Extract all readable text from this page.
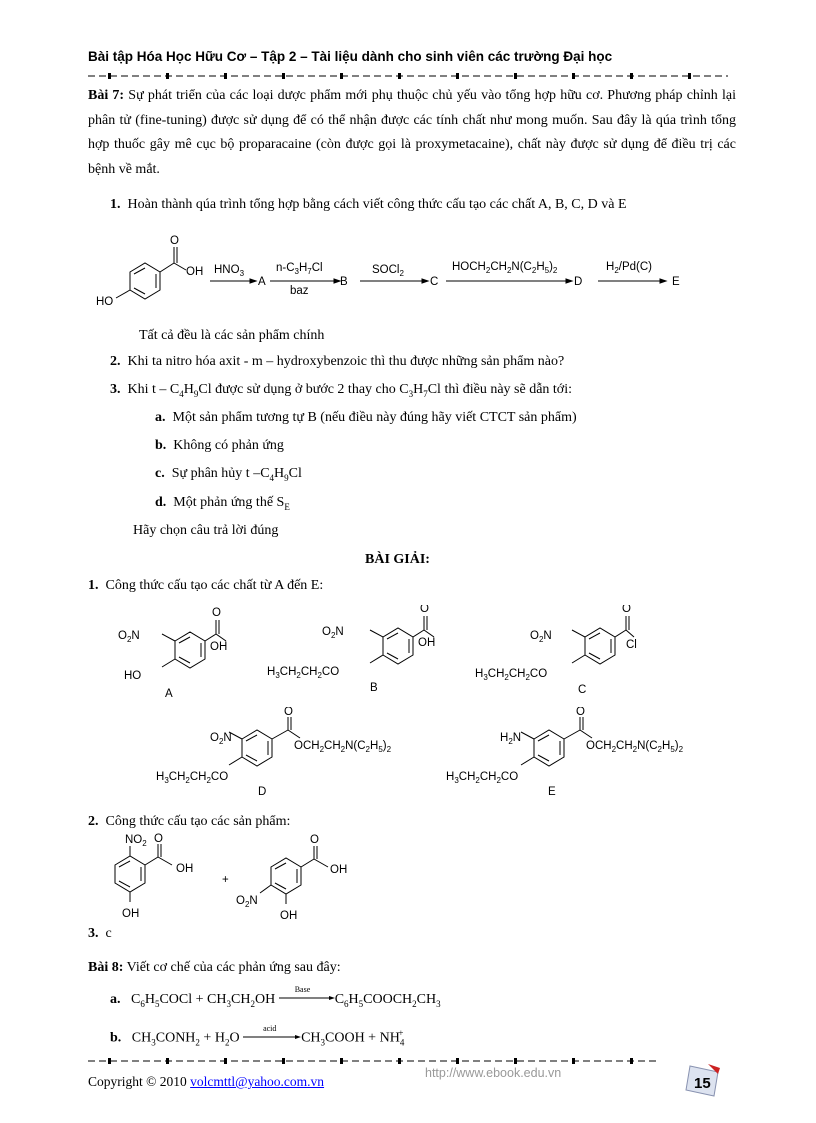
Bài tập Hóa Học Hữu Cơ – Tập 2 – Tài liệu dành cho sinh viên các trường Đại học
Bài 7: Sự phát triển của các loại dược phẩm mới phụ thuộc chủ yếu vào tổng hợp hữu cơ. Phương pháp chỉnh lại phân tử (fine-tuning) được sử dụng để có thể nhận được các tính chất như mong muốn. Sau đây là qúa trình tổng hợp thuốc gây mê cục bộ proparacaine (còn được gọi là proxymetacaine), chất này được sử dụng để điều trị các bệnh về mắt.
1. Hoàn thành qúa trình tổng hợp bằng cách viết công thức cấu tạo các chất A, B, C, D và E
O
OH
HO
$HNO_3$	$n-C_3H_7Cl$
baz
SOCl$_2$
$HOCH_2CH_2N(C_2H_5)_2$	$H_2/Pd(C)$
A	B	C	D	E
Tất cả đều là các sản phẩm chính
2. Khi ta nitro hóa axit - m – hydroxybenzoic thì thu được những sản phẩm nào?
3. Khi t – $C_4H_9Cl$ được sử dụng ở bước 2 thay cho $C_3H_7Cl$ thì điều này sẽ dẫn tới:
a. Một sản phẩm tương tự B (nếu điều này đúng hãy viết CTCT sản phẩm)
b. Không có phản ứng
c. Sự phân hủy t $-C_4H_9Cl$
d. Một phản ứng thế $S_E$
Hãy chọn câu trả lời đúng
BÀI GIẢI:
1. Công thức cấu tạo các chất từ A đến E:
O
OH
$O_2N$
HO
A
O
OH
$O_2N$
$H_3CH_2CH_2CO$
B
O
Cl
$O_2N$
$H_3CH_2CH_2CO$
C
O
$OCH_2CH_2N(C_2H_5)_2$
$O_2N$
$H_3CH_2CH_2CO$
D
O
$OCH_2CH_2N(C_2H_5)_2$
$H_2N$
$H_3CH_2CH_2CO$
E
2. Công thức cấu tạo các sản phẩm:
$NO_2$ O
OH
OH
+
O
OH
$O_2N$
OH
3. c
Bài 8: Viết cơ chế của các phản ứng sau đây:
a.   $C_6H_5COCl + CH_3CH_2OH$
Base
$C_6H_5COOCH_2CH_3$
b.   $CH_3CONH_2 + H_2O$
acid
$CH_3COOH + NH_4^+$
Copyright © 2010 volcmttl@yahoo.com.vn
http://www.ebook.edu.vn
15
